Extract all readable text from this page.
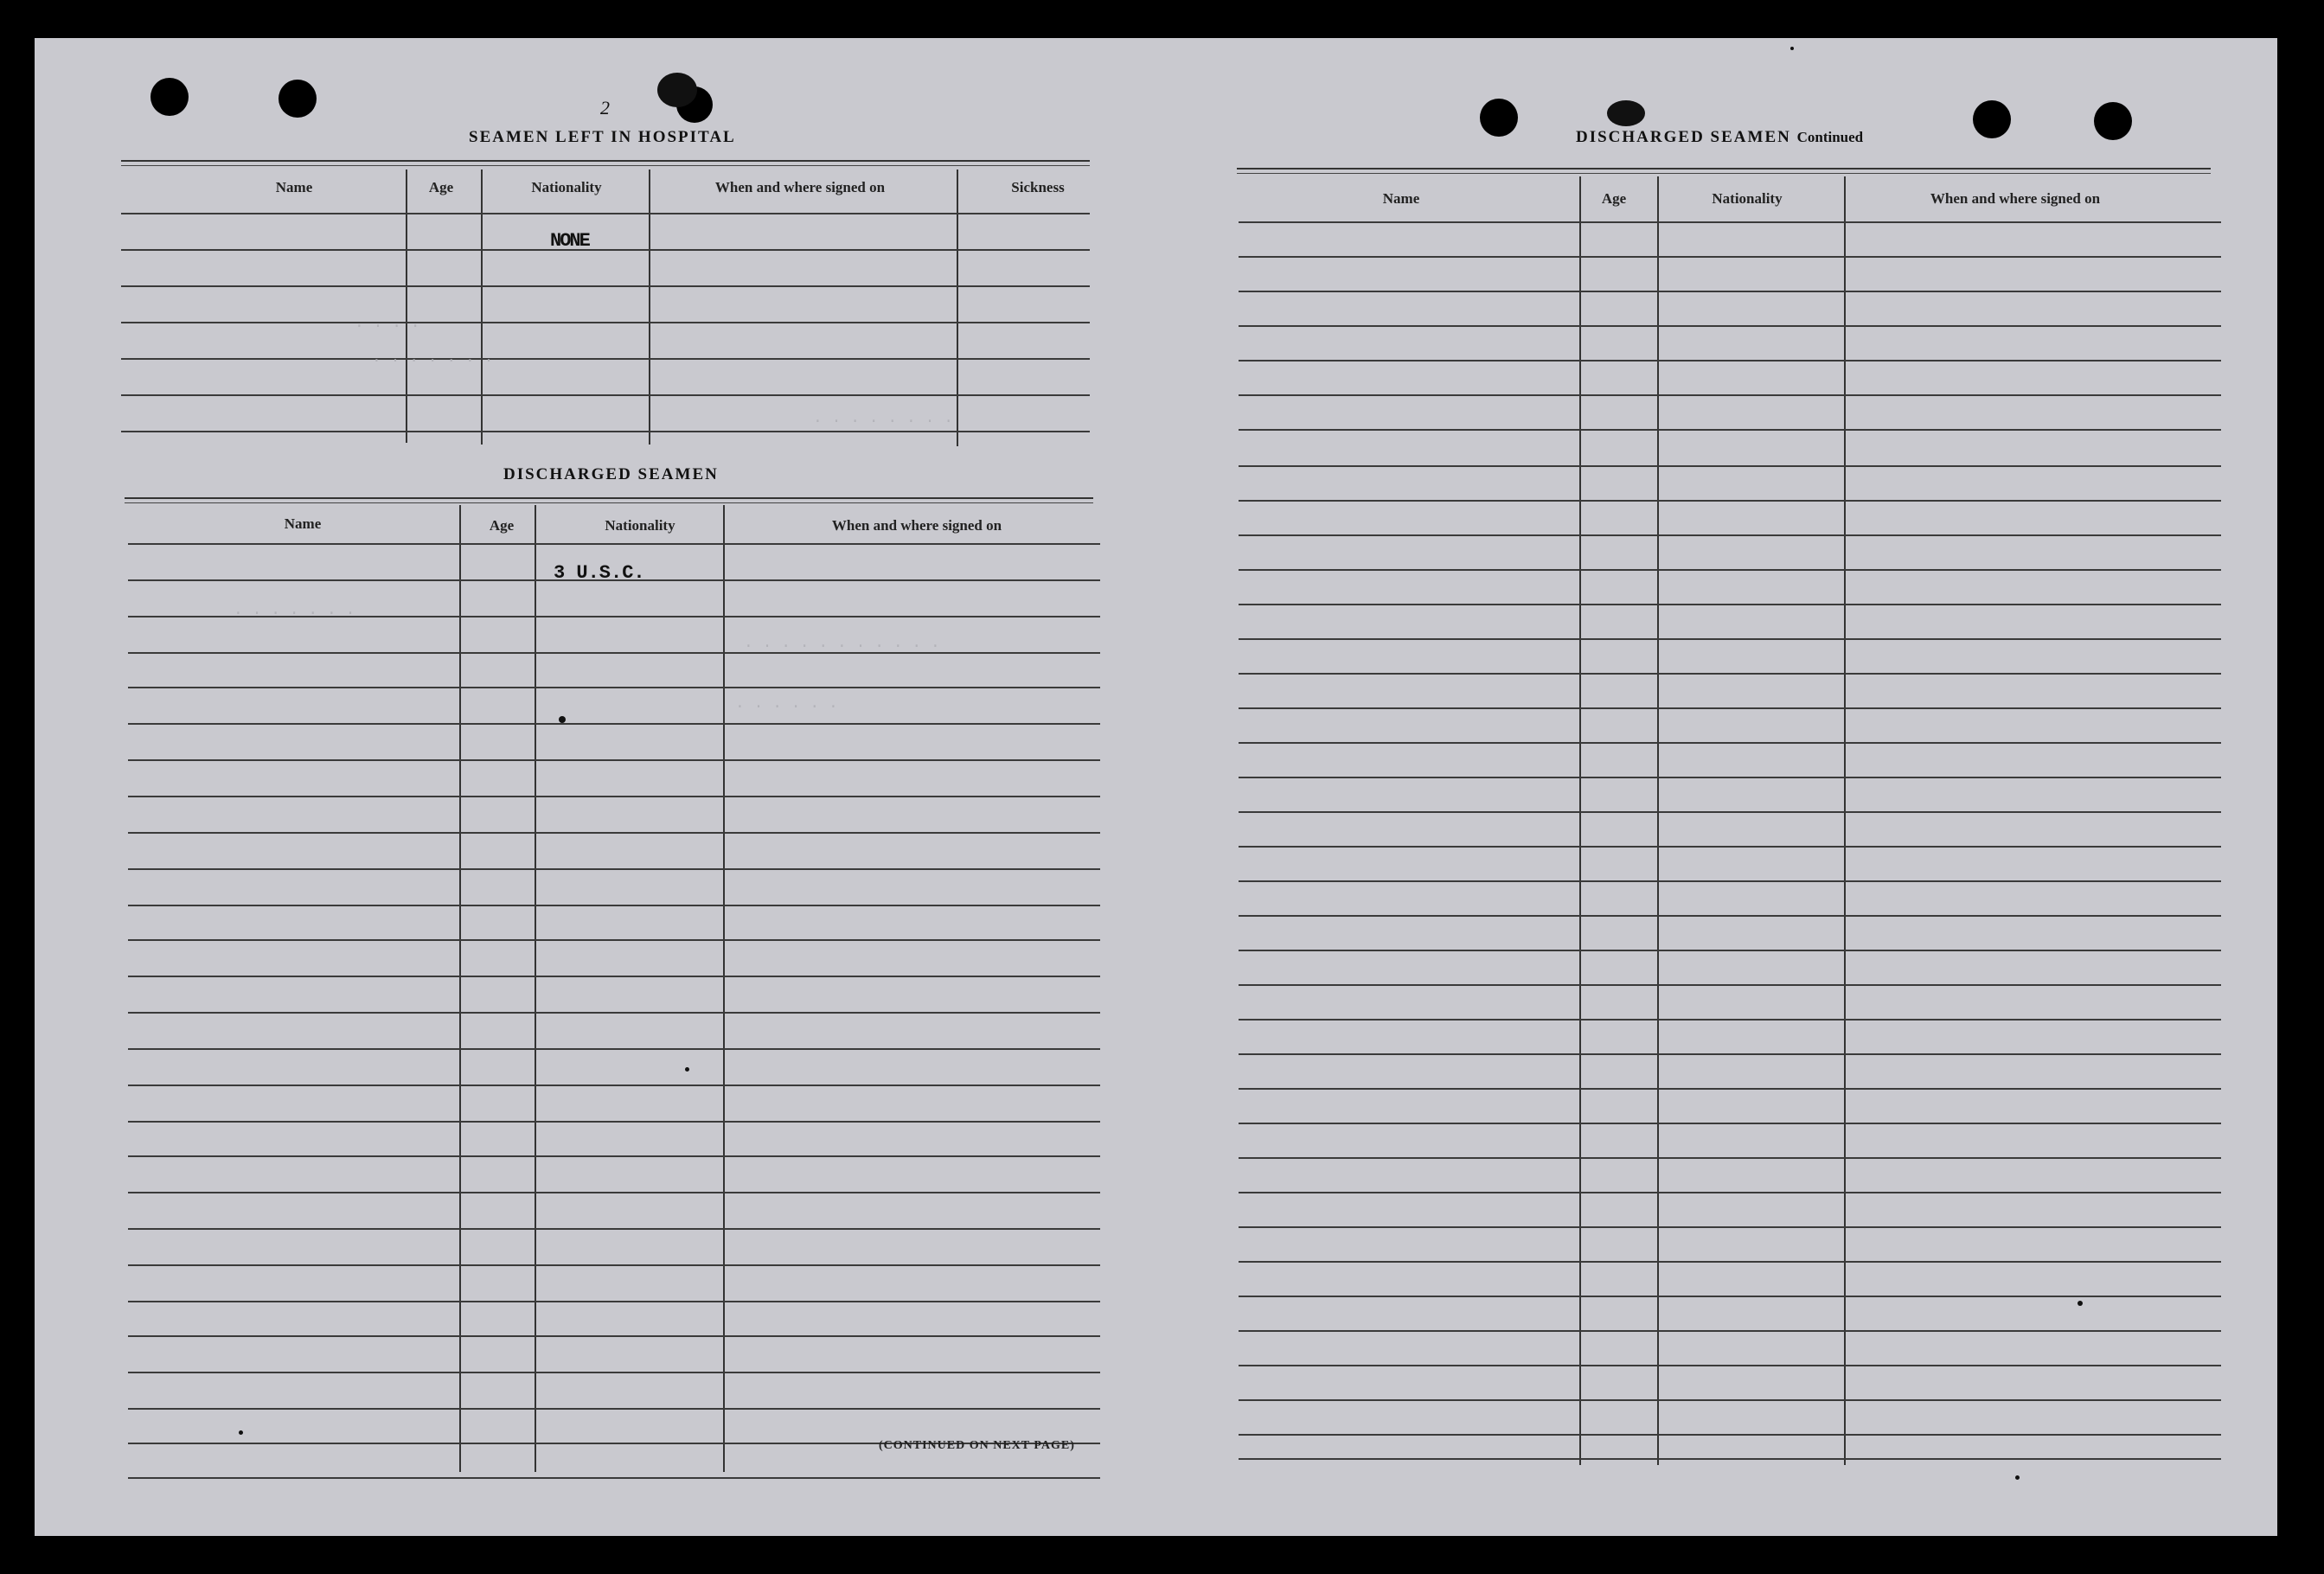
2
SEAMEN LEFT IN HOSPITAL
Name	Age	Nationality	When and where signed on	Sickness
NONE
. . . .
. . . . . . .
. . . . . . . .
DISCHARGED SEAMEN
Name	Age	Nationality	When and where signed on
3 U.S.C.
. . . . . . .
. . . . . . . . . . .
. . . . . .
(CONTINUED ON NEXT PAGE)
DISCHARGED SEAMEN Continued
Name	Age	Nationality	When and where signed on
